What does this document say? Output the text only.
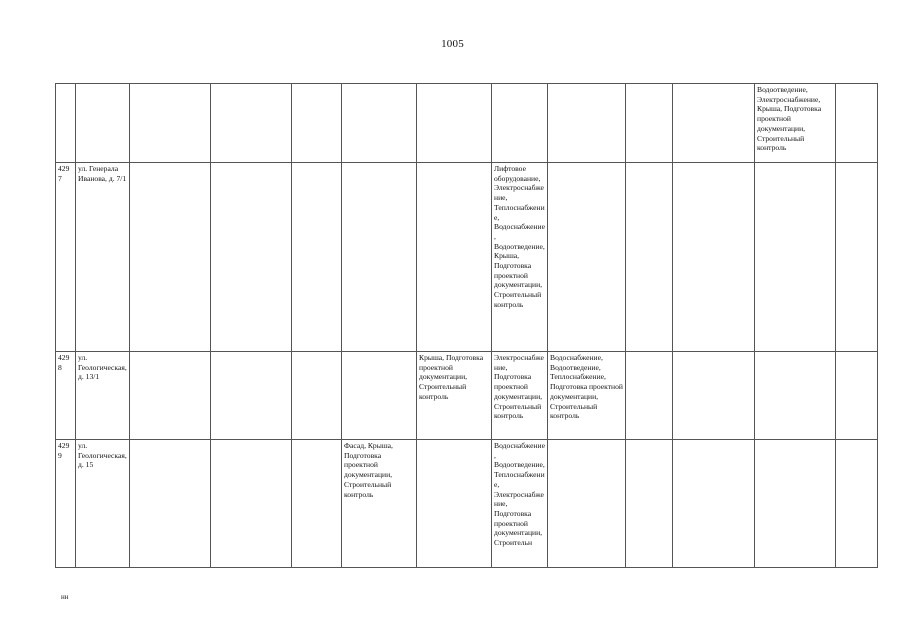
1005
											Водоотведение, Электроснабжение, Крыша, Подготовка проектной документации, Строительный контроль	
4297	ул. Генерала Иванова, д. 7/1						Лифтовое оборудование, Электроснабжение, Теплоснабжение, Водоснабжение, Водоотведение, Крыша, Подготовка проектной документации, Строительный контроль					
4298	ул. Геологическая, д. 13/1					Крыша, Подготовка проектной документации, Строительный контроль	Электроснабжение, Подготовка проектной документации, Строительный контроль	Водоснабжение, Водоотведение, Теплоснабжение, Подготовка проектной документации, Строительный контроль				
4299	ул. Геологическая, д. 15				Фасад, Крыша, Подготовка проектной документации, Строительный контроль		Водоснабжение, Водоотведение, Теплоснабжение, Электроснабжение, Подготовка проектной документации, Строительн					
нн
